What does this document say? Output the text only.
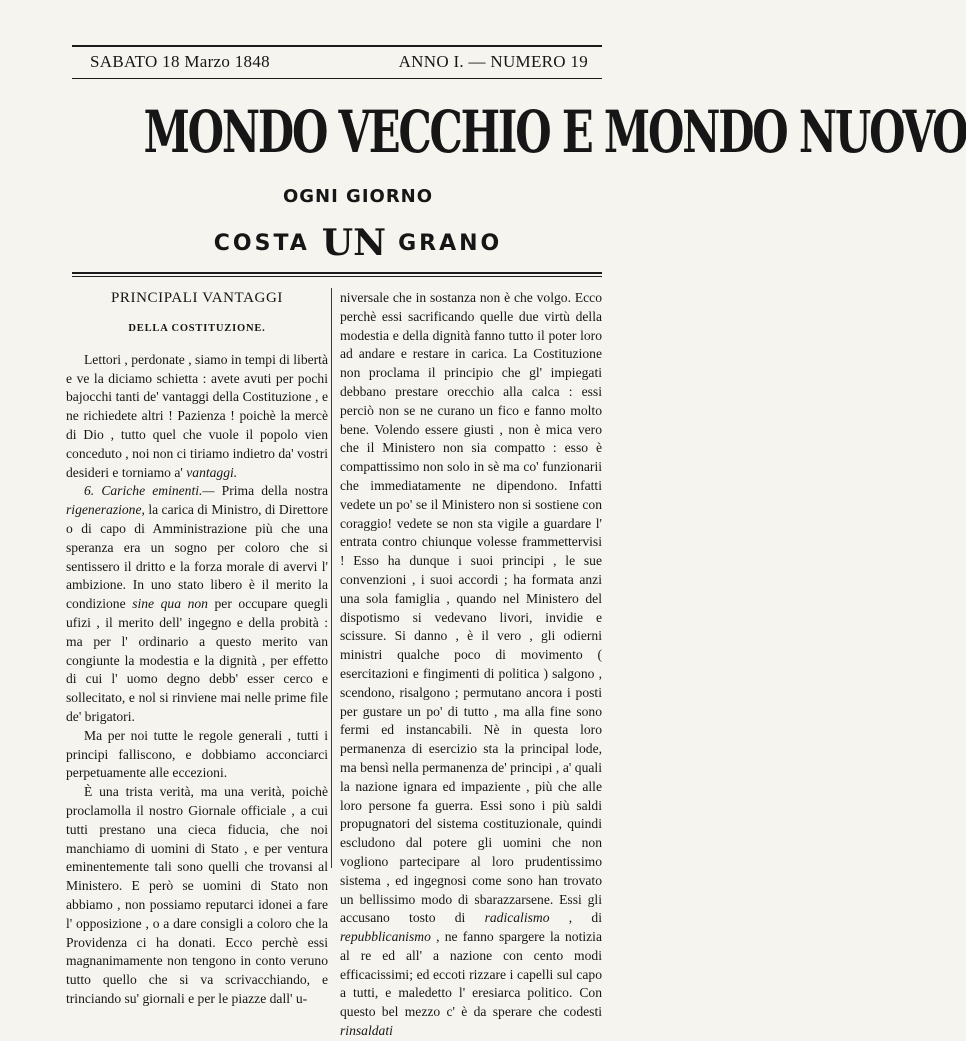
SABATO 18 Marzo 1848	ANNO I. — NUMERO 19
MONDO VECCHIO E MONDO NUOVO
OGNI GIORNO
COSTA UN GRANO
PRINCIPALI VANTAGGI
DELLA COSTITUZIONE.

Lettori , perdonate , siamo in tempi di libertà e ve la diciamo schietta : avete avuti per pochi bajocchi tanti de' vantaggi della Costituzione , e ne richiedete altri ! Pazienza ! poichè la mercè di Dio , tutto quel che vuole il popolo vien conceduto , noi non ci tiriamo indietro da' vostri desideri e torniamo a' vantaggi.

6. Cariche eminenti.— Prima della nostra rigenerazione, la carica di Ministro, di Direttore o di capo di Amministrazione più che una speranza era un sogno per coloro che si sentissero il dritto e la forza morale di avervi l' ambizione. In uno stato libero è il merito la condizione sine qua non per occupare quegli ufizi , il merito dell' ingegno e della probità : ma per l' ordinario a questo merito van congiunte la modestia e la dignità , per effetto di cui l' uomo degno debb' esser cerco e sollecitato, e nol si rinviene mai nelle prime file de' brigatori.

Ma per noi tutte le regole generali , tutti i principi falliscono, e dobbiamo acconciarci perpetuamente alle eccezioni.

È una trista verità, ma una verità, poichè proclamolla il nostro Giornale officiale , a cui tutti prestano una cieca fiducia, che noi manchiamo di uomini di Stato , e per ventura eminentemente tali sono quelli che trovansi al Ministero. E però se uomini di Stato non abbiamo , non possiamo reputarci idonei a fare l' opposizione , o a dare consigli a coloro che la Providenza ci ha donati. Ecco perchè essi magnanimamente non tengono in conto veruno tutto quello che si va scrivacchiando, e trinciando su' giornali e per le piazze dall' u-

niversale che in sostanza non è che volgo. Ecco perchè essi sacrificando quelle due virtù della modestia e della dignità fanno tutto il poter loro ad andare e restare in carica. La Costituzione non proclama il principio che gl' impiegati debbano prestare orecchio alla calca : essi perciò non se ne curano un fico e fanno molto bene. Volendo essere giusti , non è mica vero che il Ministero non sia compatto : esso è compattissimo non solo in sè ma co' funzionarii che immediatamente ne dipendono. Infatti vedete un po' se il Ministero non si sostiene con coraggio! vedete se non sta vigile a guardare l' entrata contro chiunque volesse frammettervisi ! Esso ha dunque i suoi principi , le sue convenzioni , i suoi accordi ; ha formata anzi una sola famiglia , quando nel Ministero del dispotismo si vedevano livori, invidie e scissure. Si danno , è il vero , gli odierni ministri qualche poco di movimento ( esercitazioni e fingimenti di politica ) salgono , scendono, risalgono ; permutano ancora i posti per gustare un po' di tutto , ma alla fine sono fermi ed instancabili. Nè in questa loro permanenza di esercizio sta la principal lode, ma bensì nella permanenza de' principi , a' quali la nazione ignara ed impaziente , più che alle loro persone fa guerra. Essi sono i più saldi propugnatori del sistema costituzionale, quindi escludono dal potere gli uomini che non vogliono partecipare al loro prudentissimo sistema , ed ingegnosi come sono han trovato un bellissimo modo di sbarazzarsene. Essi gli accusano tosto di radicalismo , di repubblicanismo , ne fanno spargere la notizia al re ed all' a nazione con cento modi efficacissimi; ed eccoti rizzare i capelli sul capo a tutti, e maledetto l' eresiarca politico. Con questo bel mezzo c' è da sperare che codesti rinsaldati
